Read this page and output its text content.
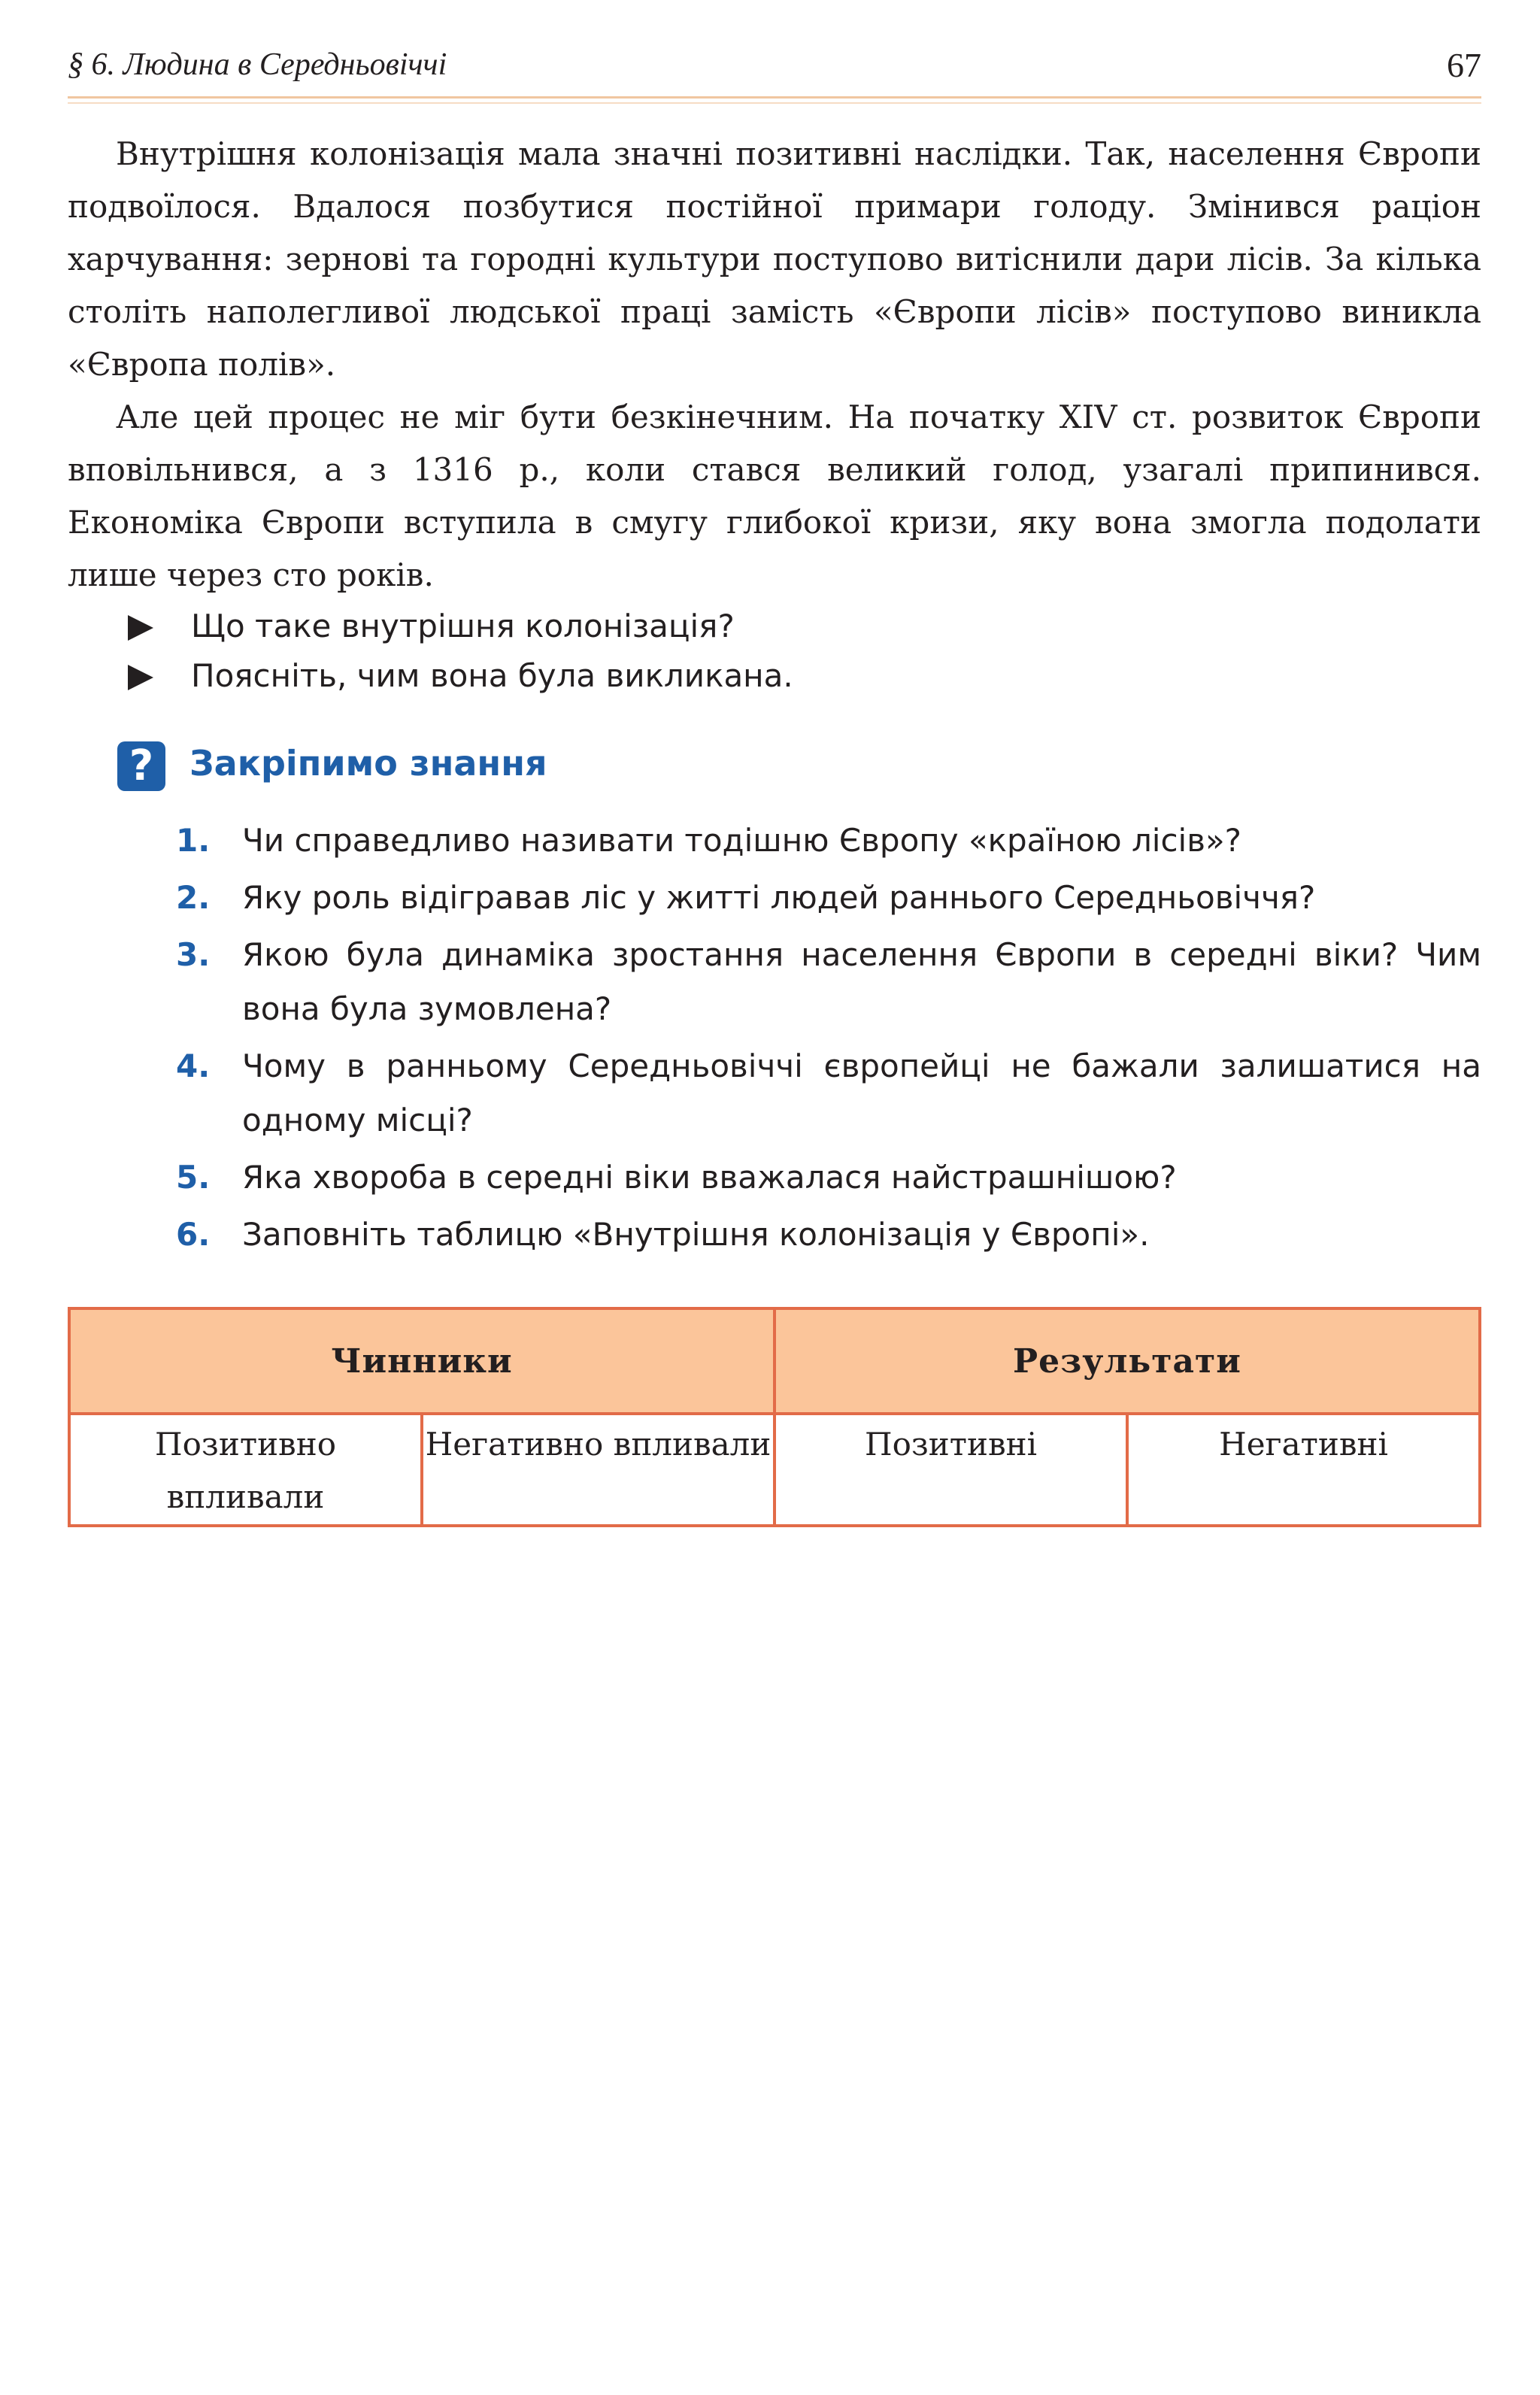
§ 6. Людина в Середньовіччі	67

Внутрішня колонізація мала значні позитивні наслідки. Так, населення Європи подвоїлося. Вдалося позбутися постійної примари голоду. Змінився раціон харчування: зернові та городні культури поступово витіснили дари лісів. За кілька століть наполегливої людської праці замість «Європи лісів» поступово виникла «Європа полів».

Але цей процес не міг бути безкінечним. На початку XIV ст. розвиток Європи вповільнився, а з 1316 р., коли стався великий голод, узагалі припинився. Економіка Європи вступила в смугу глибокої кризи, яку вона змогла подолати лише через сто років.

Що таке внутрішня колонізація?
Поясніть, чим вона була викликана.
?	Закріпимо знання
1. Чи справедливо називати тодішню Європу «країною лісів»?
2. Яку роль відігравав ліс у житті людей раннього Середньовіччя?
3. Якою була динаміка зростання населення Європи в середні віки? Чим вона була зумовлена?
4. Чому в ранньому Середньовіччі європейці не бажали залишатися на одному місці?
5. Яка хвороба в середні віки вважалася найстрашнішою?
6. Заповніть таблицю «Внутрішня колонізація у Європі».
Чинники		Результати	
Позитивно впливали	Негативно впливали	Позитивні	Негативні
